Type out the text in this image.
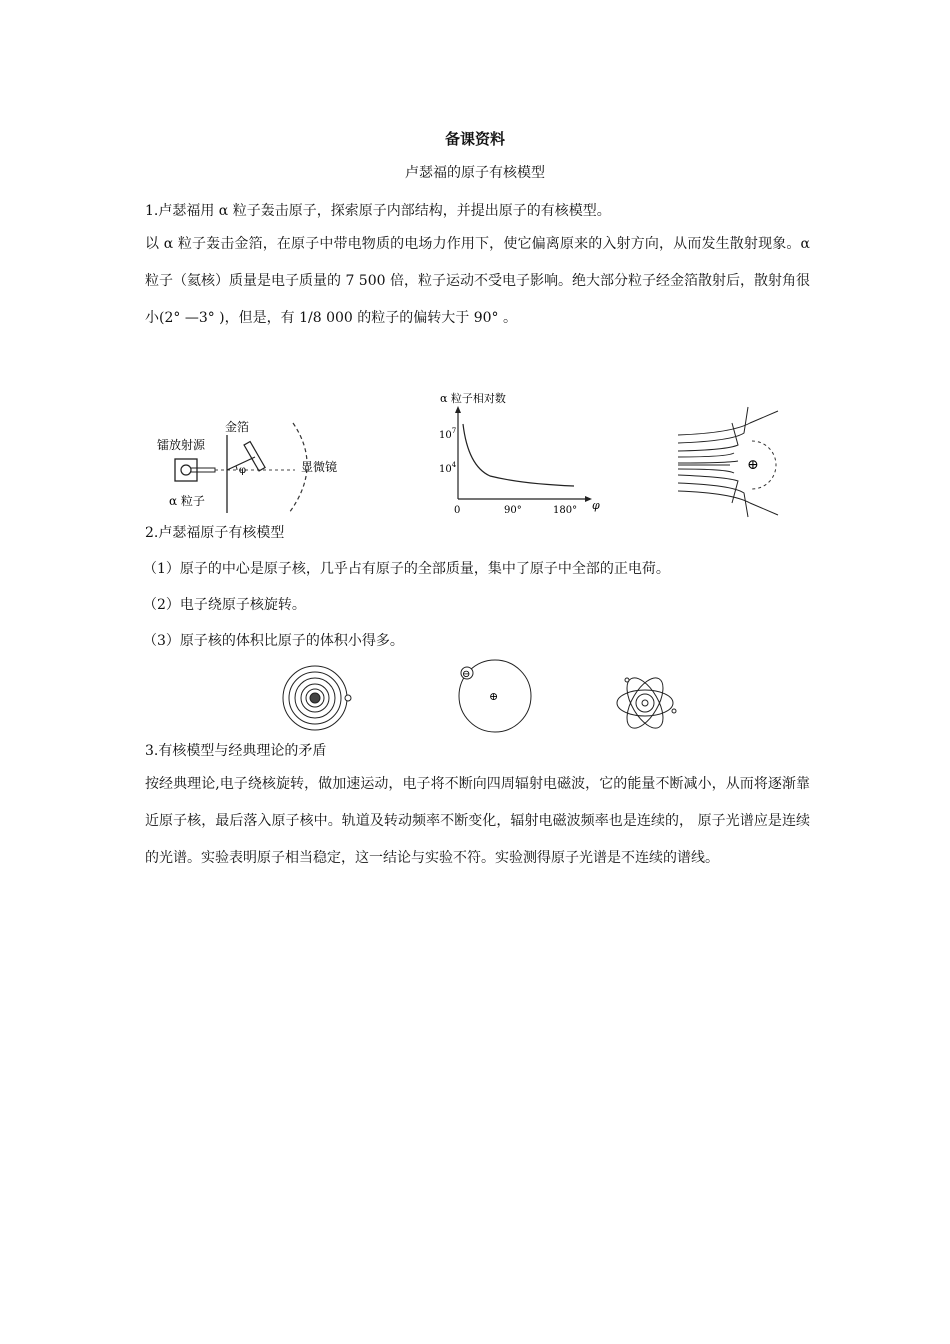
备课资料
卢瑟福的原子有核模型
1.卢瑟福用 α 粒子轰击原子，探索原子内部结构，并提出原子的有核模型。
以 α 粒子轰击金箔，在原子中带电物质的电场力作用下，使它偏离原来的入射方向，从而发生散射现象。α 粒子（氦核）质量是电子质量的 7 500 倍，粒子运动不受电子影响。绝大部分粒子经金箔散射后，散射角很小(2° —3° )，但是，有 1/8 000 的粒子的偏转大于 90° 。
金箔
镭放射源
φ	显微镜
α 粒子
α 粒子相对数
$10^7$
$10^4$
0	90°	180° φ
⊕
2.卢瑟福原子有核模型
（1）原子的中心是原子核，几乎占有原子的全部质量，集中了原子中全部的正电荷。
（2）电子绕原子核旋转。
（3）原子核的体积比原子的体积小得多。
⊖
⊕
3.有核模型与经典理论的矛盾
按经典理论,电子绕核旋转，做加速运动，电子将不断向四周辐射电磁波，它的能量不断减小，从而将逐渐靠近原子核，最后落入原子核中。轨道及转动频率不断变化，辐射电磁波频率也是连续的， 原子光谱应是连续的光谱。实验表明原子相当稳定，这一结论与实验不符。实验测得原子光谱是不连续的谱线。
